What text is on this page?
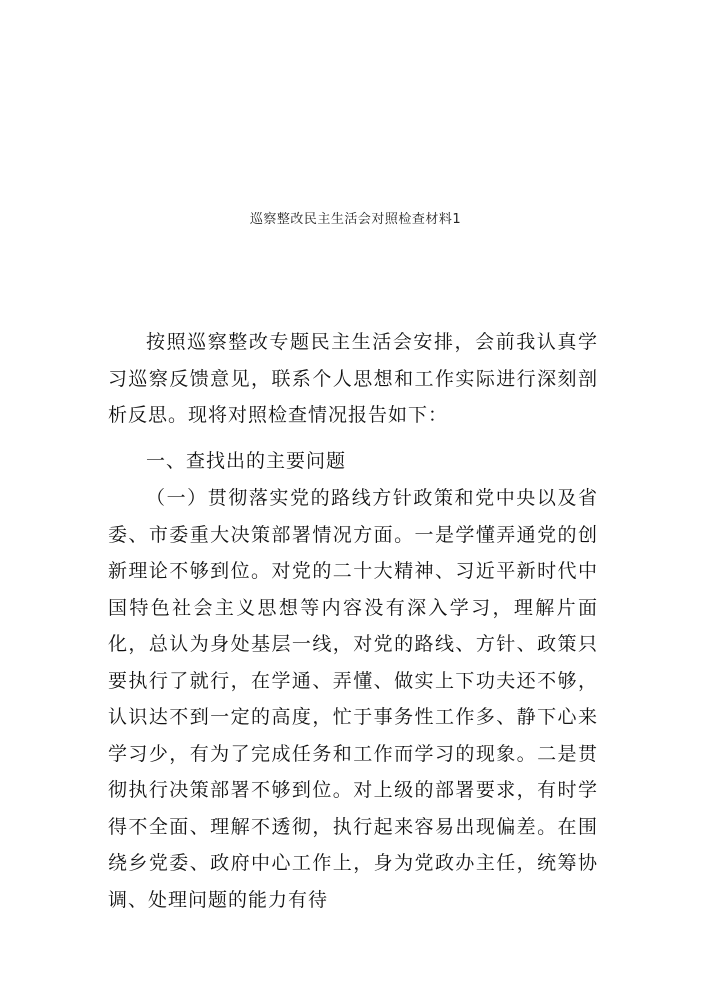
巡察整改民主生活会对照检查材料1

按照巡察整改专题民主生活会安排，会前我认真学习巡察反馈意见，联系个人思想和工作实际进行深刻剖析反思。现将对照检查情况报告如下：

一、查找出的主要问题

（一）贯彻落实党的路线方针政策和党中央以及省委、市委重大决策部署情况方面。一是学懂弄通党的创新理论不够到位。对党的二十大精神、习近平新时代中国特色社会主义思想等内容没有深入学习，理解片面化，总认为身处基层一线，对党的路线、方针、政策只要执行了就行，在学通、弄懂、做实上下功夫还不够，认识达不到一定的高度，忙于事务性工作多、静下心来学习少，有为了完成任务和工作而学习的现象。二是贯彻执行决策部署不够到位。对上级的部署要求，有时学得不全面、理解不透彻，执行起来容易出现偏差。在围绕乡党委、政府中心工作上，身为党政办主任，统筹协调、处理问题的能力有待
